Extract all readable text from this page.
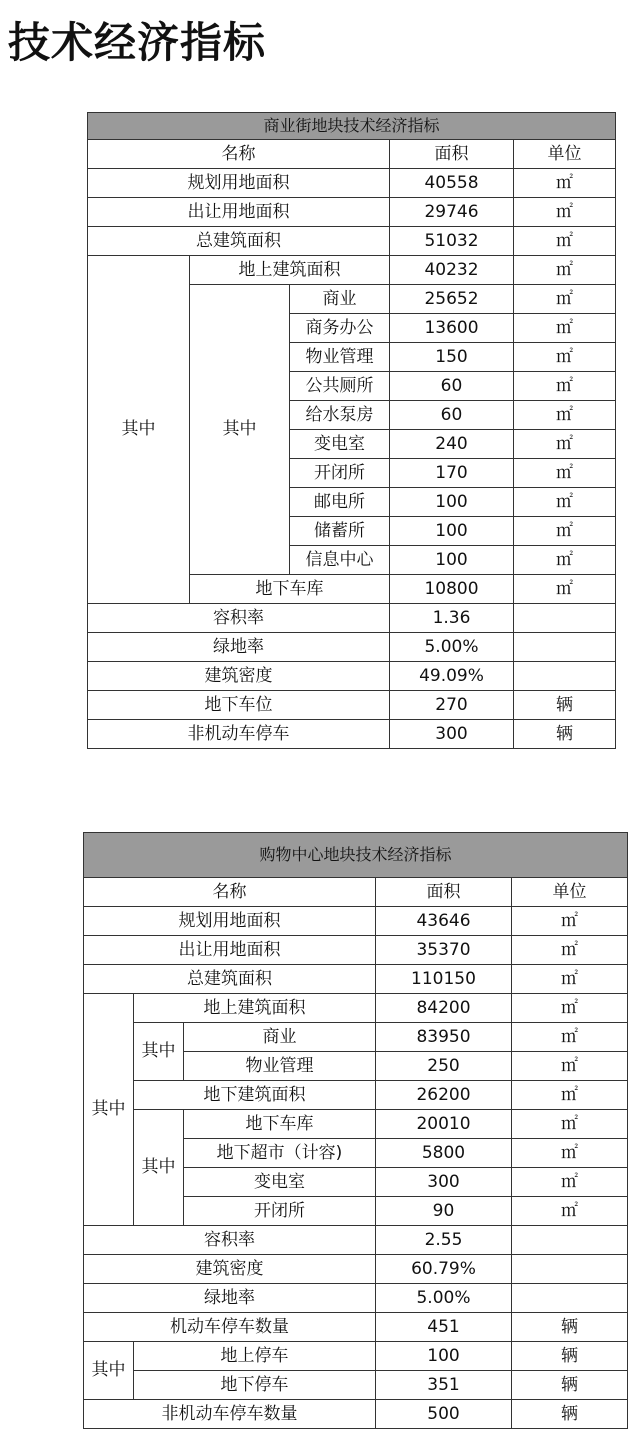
技术经济指标
商业街地块技术经济指标				
名称			面积	单位
规划用地面积			40558	㎡
出让用地面积			29746	㎡
总建筑面积			51032	㎡
其中	地上建筑面积		40232	㎡
	其中	商业	25652	㎡
		商务办公	13600	㎡
		物业管理	150	㎡
		公共厕所	60	㎡
		给水泵房	60	㎡
		变电室	240	㎡
		开闭所	170	㎡
		邮电所	100	㎡
		储蓄所	100	㎡
		信息中心	100	㎡
	地下车库		10800	㎡
容积率			1.36	
绿地率			5.00%	
建筑密度			49.09%	
地下车位			270	辆
非机动车停车			300	辆
购物中心地块技术经济指标				
名称			面积	单位
规划用地面积			43646	㎡
出让用地面积			35370	㎡
总建筑面积			110150	㎡
其中	地上建筑面积		84200	㎡
	其中	商业	83950	㎡
		物业管理	250	㎡
	地下建筑面积		26200	㎡
	其中	地下车库	20010	㎡
		地下超市（计容)	5800	㎡
		变电室	300	㎡
		开闭所	90	㎡
容积率			2.55	
建筑密度			60.79%	
绿地率			5.00%	
机动车停车数量			451	辆
其中	地上停车		100	辆
	地下停车		351	辆
非机动车停车数量			500	辆
